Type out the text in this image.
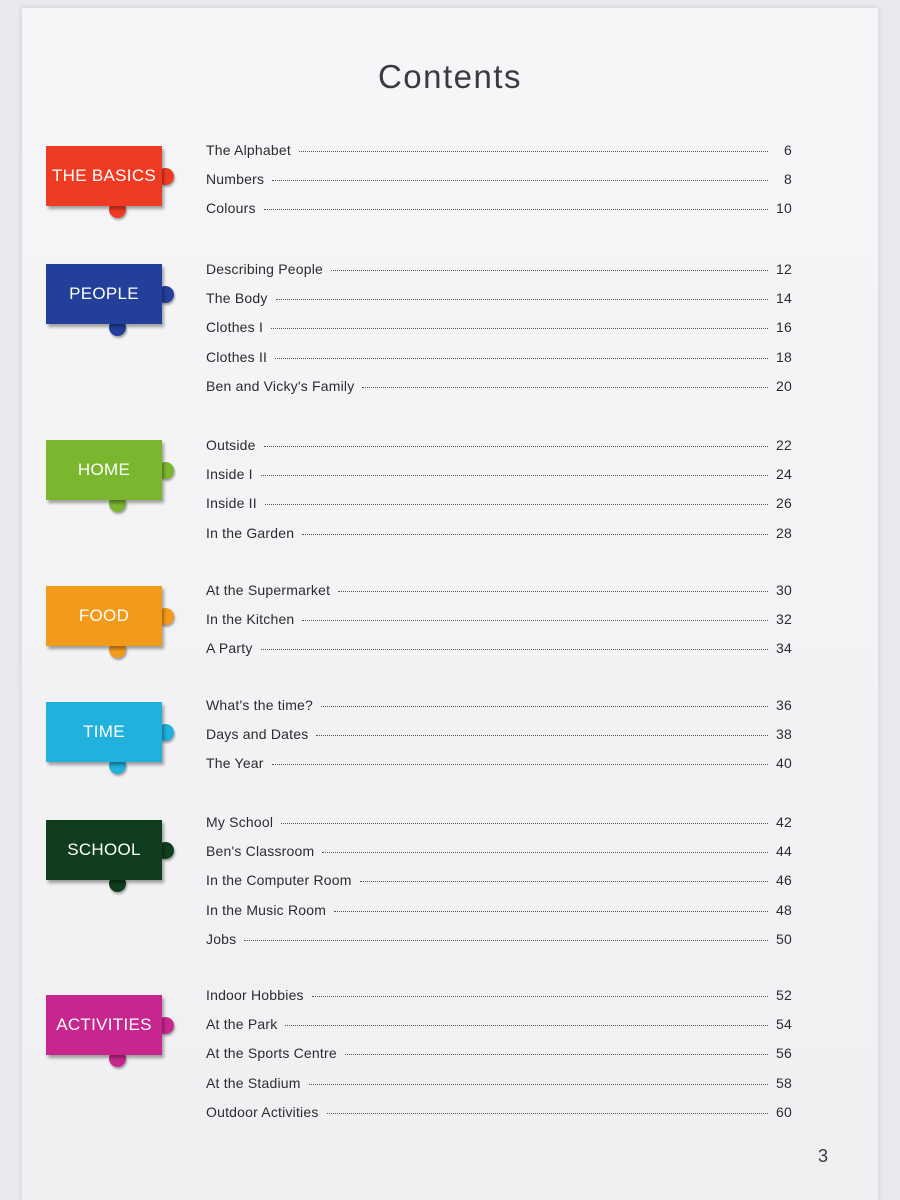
Contents
THE BASICS
The Alphabet	6
Numbers	8
Colours	10
PEOPLE
Describing People	12
The Body	14
Clothes I	16
Clothes II	18
Ben and Vicky's Family	20
HOME
Outside	22
Inside I	24
Inside II	26
In the Garden	28
FOOD
At the Supermarket	30
In the Kitchen	32
A Party	34
TIME
What's the time?	36
Days and Dates	38
The Year	40
SCHOOL
My School	42
Ben's Classroom	44
In the Computer Room	46
In the Music Room	48
Jobs	50
ACTIVITIES
Indoor Hobbies	52
At the Park	54
At the Sports Centre	56
At the Stadium	58
Outdoor Activities	60
3
